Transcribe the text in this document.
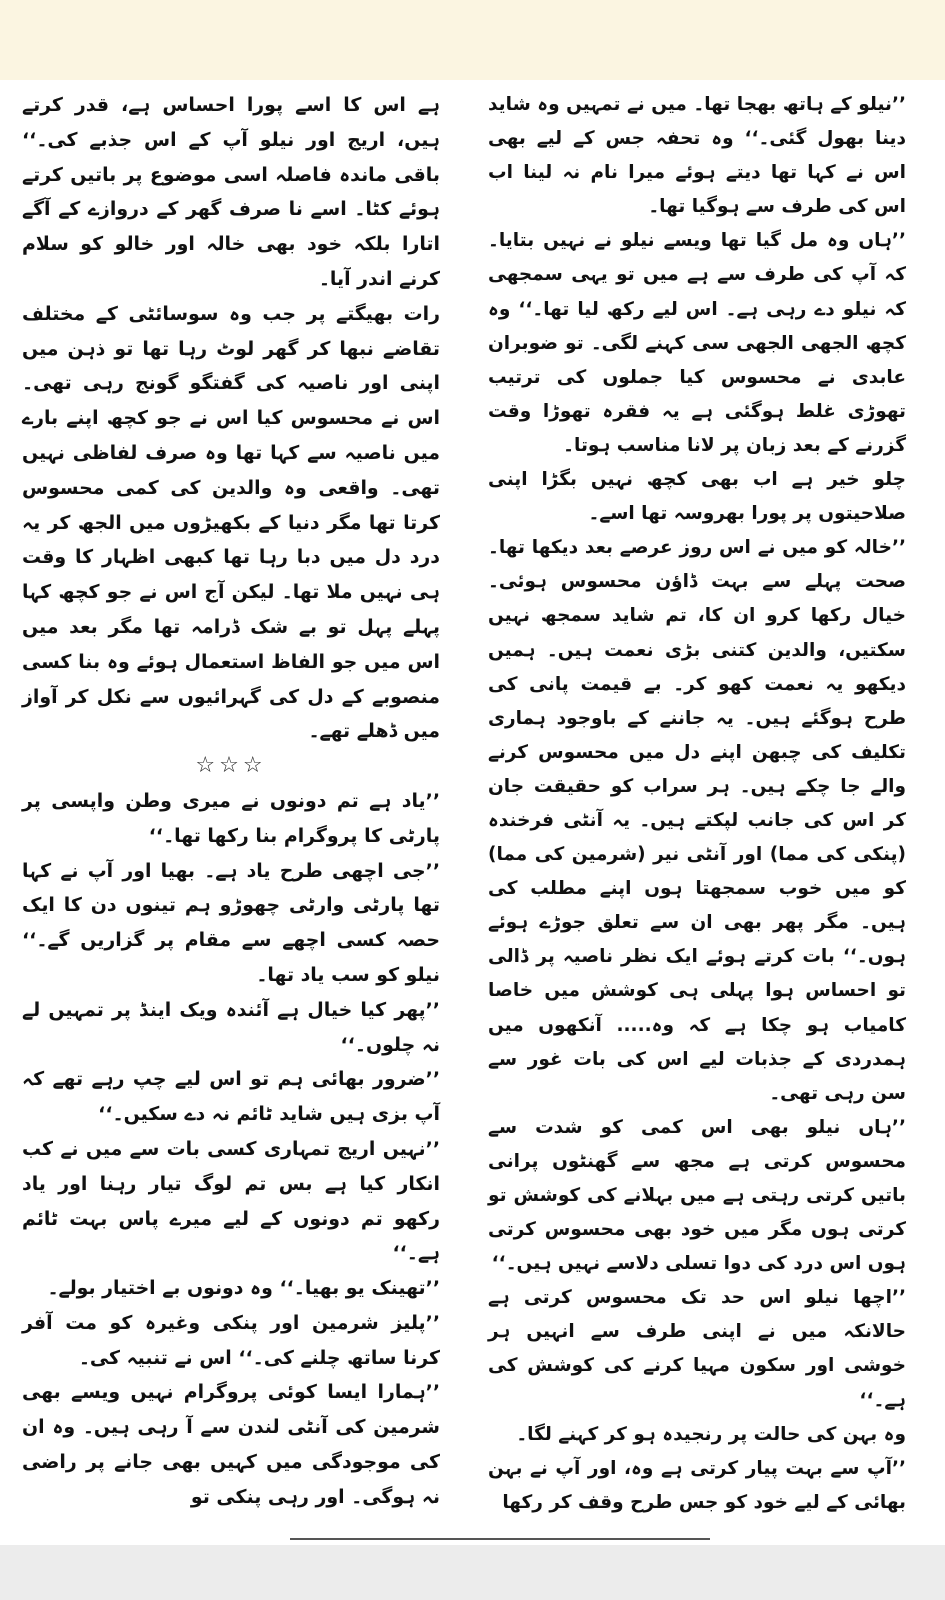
’’نیلو کے ہاتھ بھجا تھا۔ میں نے تمہیں وہ شاید دینا بھول گئی۔‘‘ وہ تحفہ جس کے لیے بھی اس نے کہا تھا دیتے ہوئے میرا نام نہ لینا اب اس کی طرف سے ہوگیا تھا۔

’’ہاں وہ مل گیا تھا ویسے نیلو نے نہیں بتایا۔ کہ آپ کی طرف سے ہے میں تو یہی سمجھی کہ نیلو دے رہی ہے۔ اس لیے رکھ لیا تھا۔‘‘ وہ کچھ الجھی الجھی سی کہنے لگی۔ تو ضوبران عابدی نے محسوس کیا جملوں کی ترتیب تھوڑی غلط ہوگئی ہے یہ فقرہ تھوڑا وقت گزرنے کے بعد زبان پر لانا مناسب ہوتا۔

چلو خیر ہے اب بھی کچھ نہیں بگڑا اپنی صلاحیتوں پر پورا بھروسہ تھا اسے۔

’’خالہ کو میں نے اس روز عرصے بعد دیکھا تھا۔ صحت پہلے سے بہت ڈاؤن محسوس ہوئی۔ خیال رکھا کرو ان کا، تم شاید سمجھ نہیں سکتیں، والدین کتنی بڑی نعمت ہیں۔ ہمیں دیکھو یہ نعمت کھو کر۔ بے قیمت پانی کی طرح ہوگئے ہیں۔ یہ جاننے کے باوجود ہماری تکلیف کی چبھن اپنے دل میں محسوس کرنے والے جا چکے ہیں۔ ہر سراب کو حقیقت جان کر اس کی جانب لپکتے ہیں۔ یہ آنٹی فرخندہ (پنکی کی مما) اور آنٹی نیر (شرمین کی مما) کو میں خوب سمجھتا ہوں اپنے مطلب کی ہیں۔ مگر پھر بھی ان سے تعلق جوڑے ہوئے ہوں۔‘‘ بات کرتے ہوئے ایک نظر ناصیہ پر ڈالی تو احساس ہوا پہلی ہی کوشش میں خاصا کامیاب ہو چکا ہے کہ وہ..... آنکھوں میں ہمدردی کے جذبات لیے اس کی بات غور سے سن رہی تھی۔

’’ہاں نیلو بھی اس کمی کو شدت سے محسوس کرتی ہے مجھ سے گھنٹوں پرانی باتیں کرتی رہتی ہے میں بہلانے کی کوشش تو کرتی ہوں مگر میں خود بھی محسوس کرتی ہوں اس درد کی دوا تسلی دلاسے نہیں ہیں۔‘‘

’’اچھا نیلو اس حد تک محسوس کرتی ہے حالانکہ میں نے اپنی طرف سے انہیں ہر خوشی اور سکون مہیا کرنے کی کوشش کی ہے۔‘‘

وہ بہن کی حالت پر رنجیدہ ہو کر کہنے لگا۔

’’آپ سے بہت پیار کرتی ہے وہ، اور آپ نے بہن بھائی کے لیے خود کو جس طرح وقف کر رکھا

ہے اس کا اسے پورا احساس ہے، قدر کرتے ہیں، اریج اور نیلو آپ کے اس جذبے کی۔‘‘ باقی ماندہ فاصلہ اسی موضوع پر باتیں کرتے ہوئے کٹا۔ اسے نا صرف گھر کے دروازے کے آگے اتارا بلکہ خود بھی خالہ اور خالو کو سلام کرنے اندر آیا۔

رات بھیگتے پر جب وہ سوسائٹی کے مختلف تقاضے نبھا کر گھر لوٹ رہا تھا تو ذہن میں اپنی اور ناصیہ کی گفتگو گونج رہی تھی۔ اس نے محسوس کیا اس نے جو کچھ اپنے بارے میں ناصیہ سے کہا تھا وہ صرف لفاظی نہیں تھی۔ واقعی وہ والدین کی کمی محسوس کرتا تھا مگر دنیا کے بکھیڑوں میں الجھ کر یہ درد دل میں دبا رہا تھا کبھی اظہار کا وقت ہی نہیں ملا تھا۔ لیکن آج اس نے جو کچھ کہا پہلے پہل تو بے شک ڈرامہ تھا مگر بعد میں اس میں جو الفاظ استعمال ہوئے وہ بنا کسی منصوبے کے دل کی گہرائیوں سے نکل کر آواز میں ڈھلے تھے۔

☆☆☆

’’یاد ہے تم دونوں نے میری وطن واپسی پر پارٹی کا پروگرام بنا رکھا تھا۔‘‘

’’جی اچھی طرح یاد ہے۔ بھیا اور آپ نے کہا تھا پارٹی وارٹی چھوڑو ہم تینوں دن کا ایک حصہ کسی اچھے سے مقام پر گزاریں گے۔‘‘ نیلو کو سب یاد تھا۔

’’پھر کیا خیال ہے آئندہ ویک اینڈ پر تمہیں لے نہ چلوں۔‘‘

’’ضرور بھائی ہم تو اس لیے چپ رہے تھے کہ آپ بزی ہیں شاید ٹائم نہ دے سکیں۔‘‘

’’نہیں اریج تمہاری کسی بات سے میں نے کب انکار کیا ہے بس تم لوگ تیار رہنا اور یاد رکھو تم دونوں کے لیے میرے پاس بہت ٹائم ہے۔‘‘

’’تھینک یو بھیا۔‘‘ وہ دونوں بے اختیار بولے۔

’’پلیز شرمین اور پنکی وغیرہ کو مت آفر کرنا ساتھ چلنے کی۔‘‘ اس نے تنبیہ کی۔

’’ہمارا ایسا کوئی پروگرام نہیں ویسے بھی شرمین کی آنٹی لندن سے آ رہی ہیں۔ وہ ان کی موجودگی میں کہیں بھی جانے پر راضی نہ ہوگی۔ اور رہی پنکی تو
